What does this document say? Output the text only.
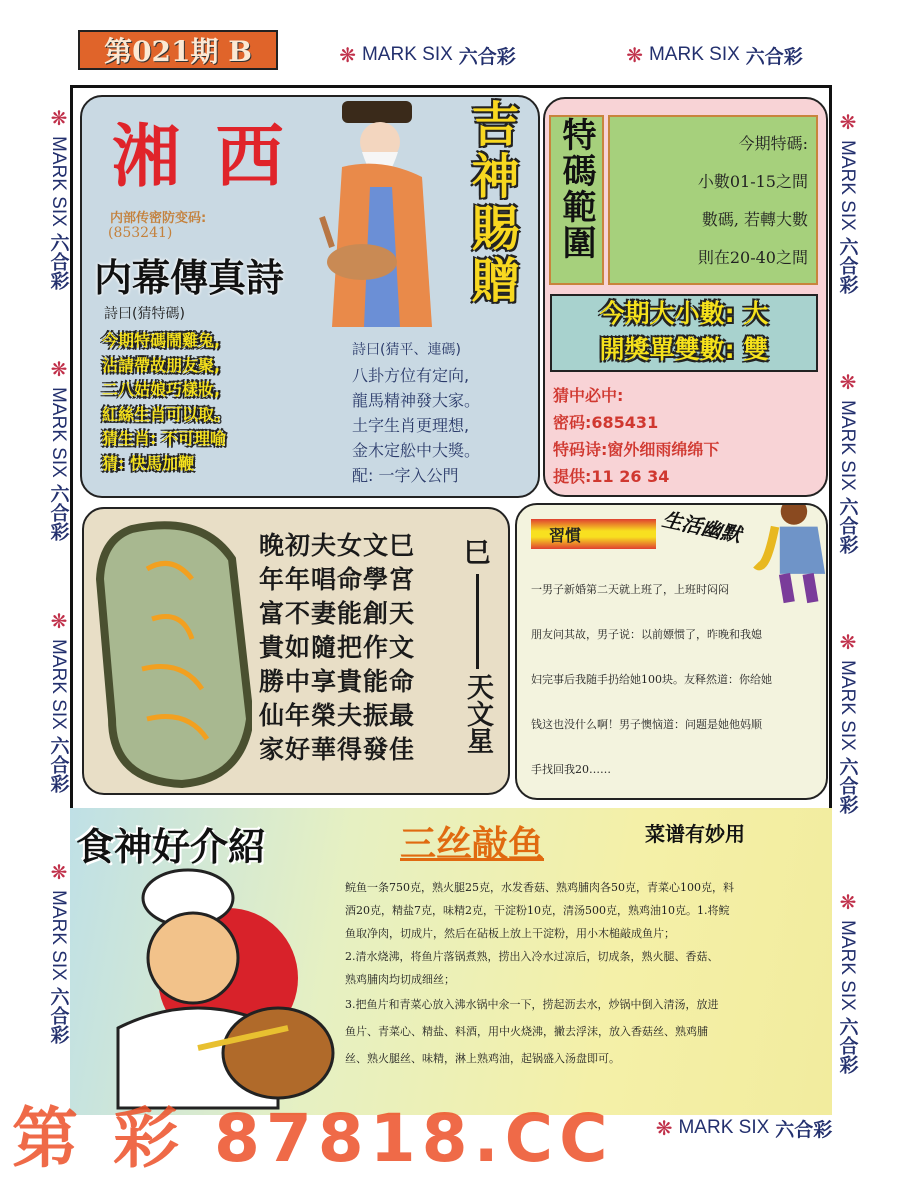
❋ MARK SIX 六合彩	❋ MARK SIX 六合彩
❋ MARK SIX 六合彩
❋
MARK SIX
六合彩
❋
MARK SIX
六合彩
❋
MARK SIX
六合彩
❋
MARK SIX
六合彩
❋
MARK SIX
六合彩
❋
MARK SIX
六合彩
❋
MARK SIX
六合彩
❋
MARK SIX
六合彩
第021期 B
湘 西
内部传密防变码:
(853241)
内幕傳真詩	吉神賜贈
詩曰(猜特碼)
今期特碼鬧雞兔,
沾請帶故朋友聚,
二八姑娘巧樣妝,
紅絲生肖可以取。
猜生肖: 不可理喻
猜: 快馬加鞭
詩曰(猜平、連碼)
八卦方位有定向,
龍馬精神發大家。
土字生肖更理想,
金木定舩中大獎。
配: 一字入公門
特碼範圍	今期特碼:
小數01-15之間
數碼, 若轉大數
則在20-40之間
今期大小數: 大
開獎單雙數: 雙
猜中必中:
密码:685431
特码诗:窗外细雨绵绵下
提供:11 26 34
晚初夫女文巳
年年唱命學宮
富不妻能創天
貴如隨把作文
勝中享貴能命
仙年榮夫振最
家好華得發佳
巳
天文星
習慣	生活幽默
一男子新婚第二天就上班了，上班时闷闷
朋友问其故，男子说：以前嫖惯了，昨晚和我媳
妇完事后我随手扔给她100块。友释然道：你给她
钱这也没什么啊！男子懊恼道：问题是她他妈顺
手找回我20……
食神好介紹	三丝敲鱼	菜谱有妙用
鲩鱼一条750克，熟火腿25克，水发香菇、熟鸡脯肉各50克，青菜心100克，料
酒20克，精盐7克，味精2克，干淀粉10克，清汤500克，熟鸡油10克。1.将鲩
鱼取净肉，切成片，然后在砧板上放上干淀粉，用小木槌敲成鱼片；
2.清水烧沸，将鱼片落锅煮熟，捞出入冷水过凉后，切成条，熟火腿、香菇、
熟鸡脯肉均切成细丝；
3.把鱼片和青菜心放入沸水锅中氽一下，捞起沥去水，炒锅中倒入清汤，放进
鱼片、青菜心、精盐、料酒，用中火烧沸，撇去浮沫，放入香菇丝、熟鸡脯
丝、熟火腿丝、味精，淋上熟鸡油，起锅盛入汤盘即可。
第 彩 87818.CC
